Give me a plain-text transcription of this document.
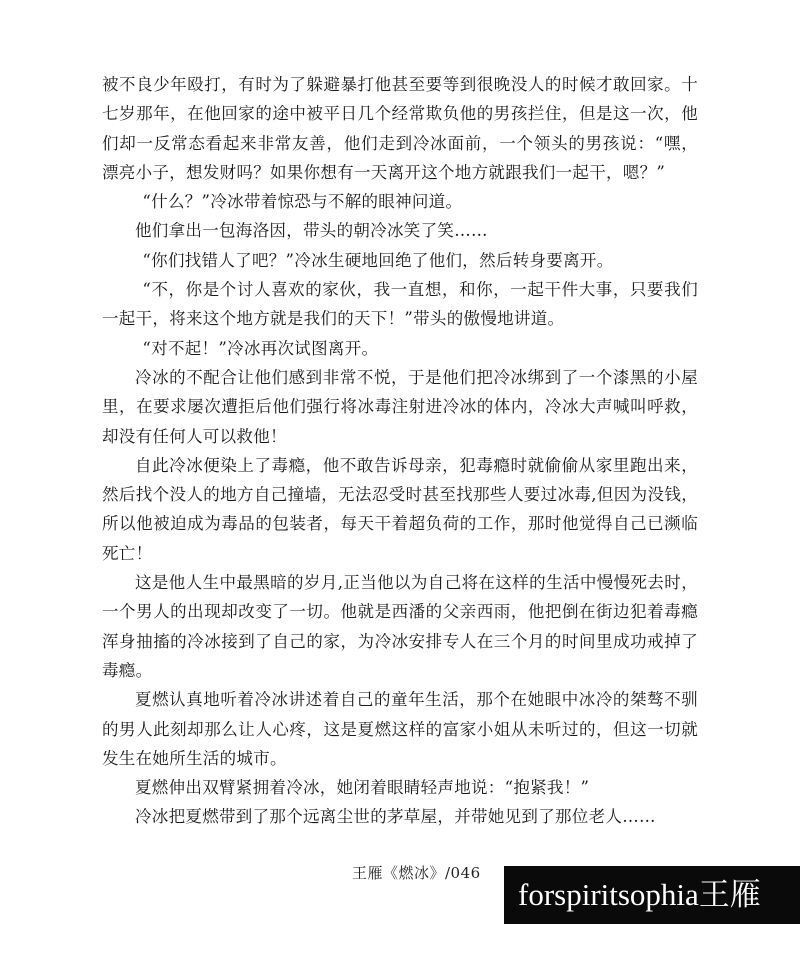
被不良少年殴打，有时为了躲避暴打他甚至要等到很晚没人的时候才敢回家。十七岁那年，在他回家的途中被平日几个经常欺负他的男孩拦住，但是这一次，他们却一反常态看起来非常友善，他们走到冷冰面前，一个领头的男孩说：“嘿，漂亮小子，想发财吗？如果你想有一天离开这个地方就跟我们一起干，嗯？”

“什么？”冷冰带着惊恐与不解的眼神问道。

他们拿出一包海洛因，带头的朝冷冰笑了笑……

“你们找错人了吧？”冷冰生硬地回绝了他们，然后转身要离开。

“不，你是个讨人喜欢的家伙，我一直想，和你，一起干件大事，只要我们一起干，将来这个地方就是我们的天下！”带头的傲慢地讲道。

“对不起！”冷冰再次试图离开。

冷冰的不配合让他们感到非常不悦，于是他们把冷冰绑到了一个漆黑的小屋里，在要求屡次遭拒后他们强行将冰毒注射进冷冰的体内，冷冰大声喊叫呼救，却没有任何人可以救他！

自此冷冰便染上了毒瘾，他不敢告诉母亲，犯毒瘾时就偷偷从家里跑出来，然后找个没人的地方自己撞墙，无法忍受时甚至找那些人要过冰毒,但因为没钱，所以他被迫成为毒品的包装者，每天干着超负荷的工作，那时他觉得自己已濒临死亡！

这是他人生中最黑暗的岁月,正当他以为自己将在这样的生活中慢慢死去时，一个男人的出现却改变了一切。他就是西潘的父亲西雨，他把倒在街边犯着毒瘾浑身抽搐的冷冰接到了自己的家，为冷冰安排专人在三个月的时间里成功戒掉了毒瘾。

夏燃认真地听着冷冰讲述着自己的童年生活，那个在她眼中冰冷的桀骜不驯的男人此刻却那么让人心疼，这是夏燃这样的富家小姐从未听过的，但这一切就发生在她所生活的城市。

夏燃伸出双臂紧拥着冷冰，她闭着眼睛轻声地说：“抱紧我！”

冷冰把夏燃带到了那个远离尘世的茅草屋，并带她见到了那位老人……

王雁《燃冰》/046
forspiritsophia王雁
